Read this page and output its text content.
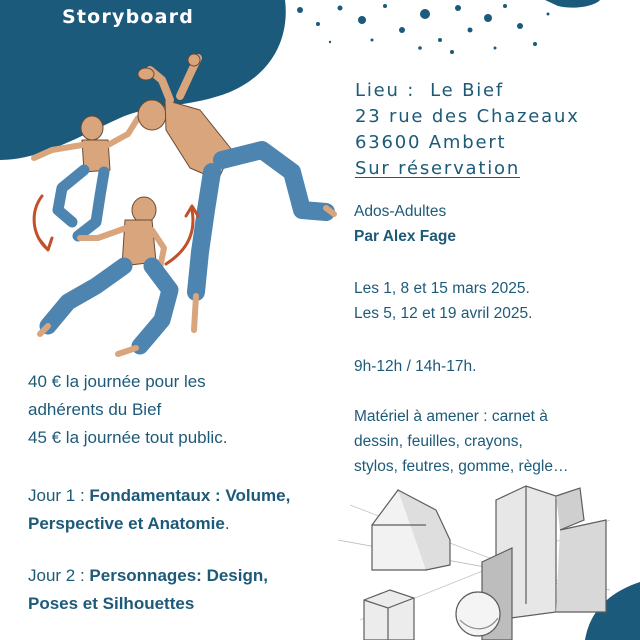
Storyboard
Lieu : Le Bief
23 rue des Chazeaux
63600 Ambert
Sur réservation
Ados-Adultes
Par Alex Fage
Les 1, 8 et 15 mars 2025.
Les 5, 12 et 19 avril 2025.
9h-12h / 14h-17h.
Matériel à amener : carnet à
dessin, feuilles, crayons,
stylos, feutres, gomme, règle…
40 € la journée pour les
adhérents du Bief
45 € la journée tout public.
Jour 1 : Fondamentaux : Volume,
Perspective et Anatomie.
Jour 2 : Personnages: Design,
Poses et Silhouettes
